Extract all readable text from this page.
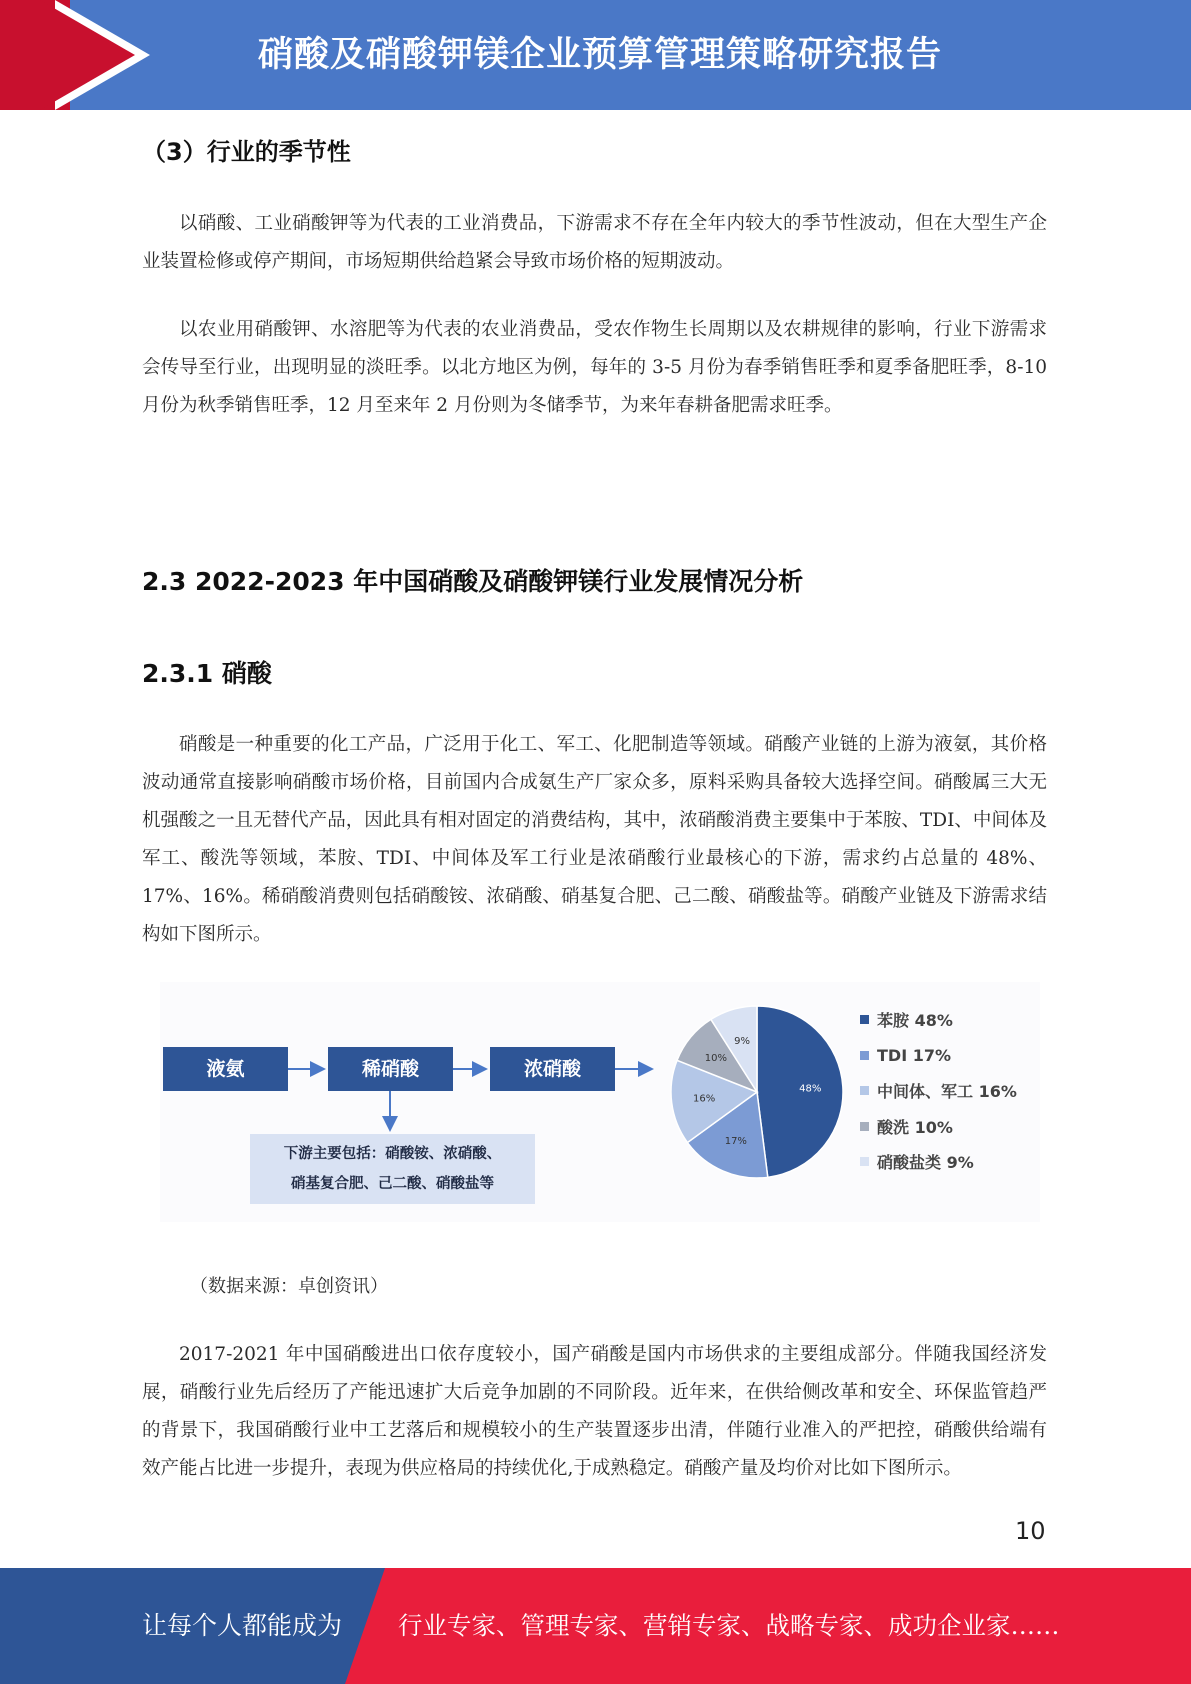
硝酸及硝酸钾镁企业预算管理策略研究报告
（3）行业的季节性
以硝酸、工业硝酸钾等为代表的工业消费品，下游需求不存在全年内较大的季节性波动，但在大型生产企业装置检修或停产期间，市场短期供给趋紧会导致市场价格的短期波动。
以农业用硝酸钾、水溶肥等为代表的农业消费品，受农作物生长周期以及农耕规律的影响，行业下游需求会传导至行业，出现明显的淡旺季。以北方地区为例，每年的 3-5 月份为春季销售旺季和夏季备肥旺季，8-10 月份为秋季销售旺季，12 月至来年 2 月份则为冬储季节，为来年春耕备肥需求旺季。
2.3 2022-2023 年中国硝酸及硝酸钾镁行业发展情况分析
2.3.1 硝酸
硝酸是一种重要的化工产品，广泛用于化工、军工、化肥制造等领域。硝酸产业链的上游为液氨，其价格波动通常直接影响硝酸市场价格，目前国内合成氨生产厂家众多，原料采购具备较大选择空间。硝酸属三大无机强酸之一且无替代产品，因此具有相对固定的消费结构，其中，浓硝酸消费主要集中于苯胺、TDI、中间体及军工、酸洗等领域，苯胺、TDI、中间体及军工行业是浓硝酸行业最核心的下游，需求约占总量的 48%、17%、16%。稀硝酸消费则包括硝酸铵、浓硝酸、硝基复合肥、己二酸、硝酸盐等。硝酸产业链及下游需求结构如下图所示。
液氨	稀硝酸	浓硝酸
下游主要包括：硝酸铵、浓硝酸、
硝基复合肥、己二酸、硝酸盐等
48%
17%
16%
10%
9%
苯胺 48%
TDI 17%
中间体、军工 16%
酸洗 10%
硝酸盐类 9%
（数据来源：卓创资讯）
2017-2021 年中国硝酸进出口依存度较小，国产硝酸是国内市场供求的主要组成部分。伴随我国经济发展，硝酸行业先后经历了产能迅速扩大后竞争加剧的不同阶段。近年来，在供给侧改革和安全、环保监管趋严的背景下，我国硝酸行业中工艺落后和规模较小的生产装置逐步出清，伴随行业准入的严把控，硝酸供给端有效产能占比进一步提升，表现为供应格局的持续优化,于成熟稳定。硝酸产量及均价对比如下图所示。
10
让每个人都能成为 行业专家、管理专家、营销专家、战略专家、成功企业家……
